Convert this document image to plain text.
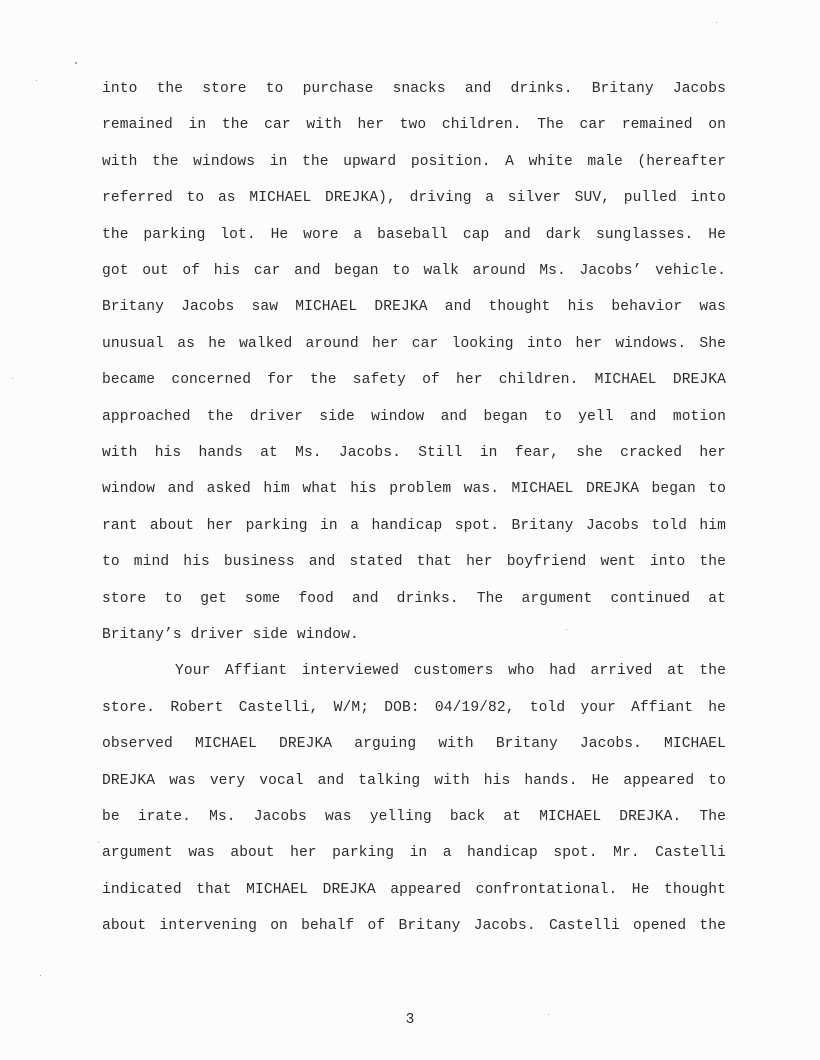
into the store to purchase snacks and drinks. Britany Jacobs
remained in the car with her two children. The car remained on
with the windows in the upward position. A white male (hereafter
referred to as MICHAEL DREJKA), driving a silver SUV, pulled into
the parking lot. He wore a baseball cap and dark sunglasses. He
got out of his car and began to walk around Ms. Jacobs’ vehicle.
Britany Jacobs saw MICHAEL DREJKA and thought his behavior was
unusual as he walked around her car looking into her windows. She
became concerned for the safety of her children. MICHAEL DREJKA
approached the driver side window and began to yell and motion
with his hands at Ms. Jacobs. Still in fear, she cracked her
window and asked him what his problem was. MICHAEL DREJKA began to
rant about her parking in a handicap spot. Britany Jacobs told him
to mind his business and stated that her boyfriend went into the
store to get some food and drinks. The argument continued at
Britany’s driver side window.
Your Affiant interviewed customers who had arrived at the
store. Robert Castelli, W/M; DOB: 04/19/82, told your Affiant he
observed MICHAEL DREJKA arguing with Britany Jacobs. MICHAEL
DREJKA was very vocal and talking with his hands. He appeared to
be irate. Ms. Jacobs was yelling back at MICHAEL DREJKA. The
argument was about her parking in a handicap spot. Mr. Castelli
indicated that MICHAEL DREJKA appeared confrontational. He thought
about intervening on behalf of Britany Jacobs. Castelli opened the
3
